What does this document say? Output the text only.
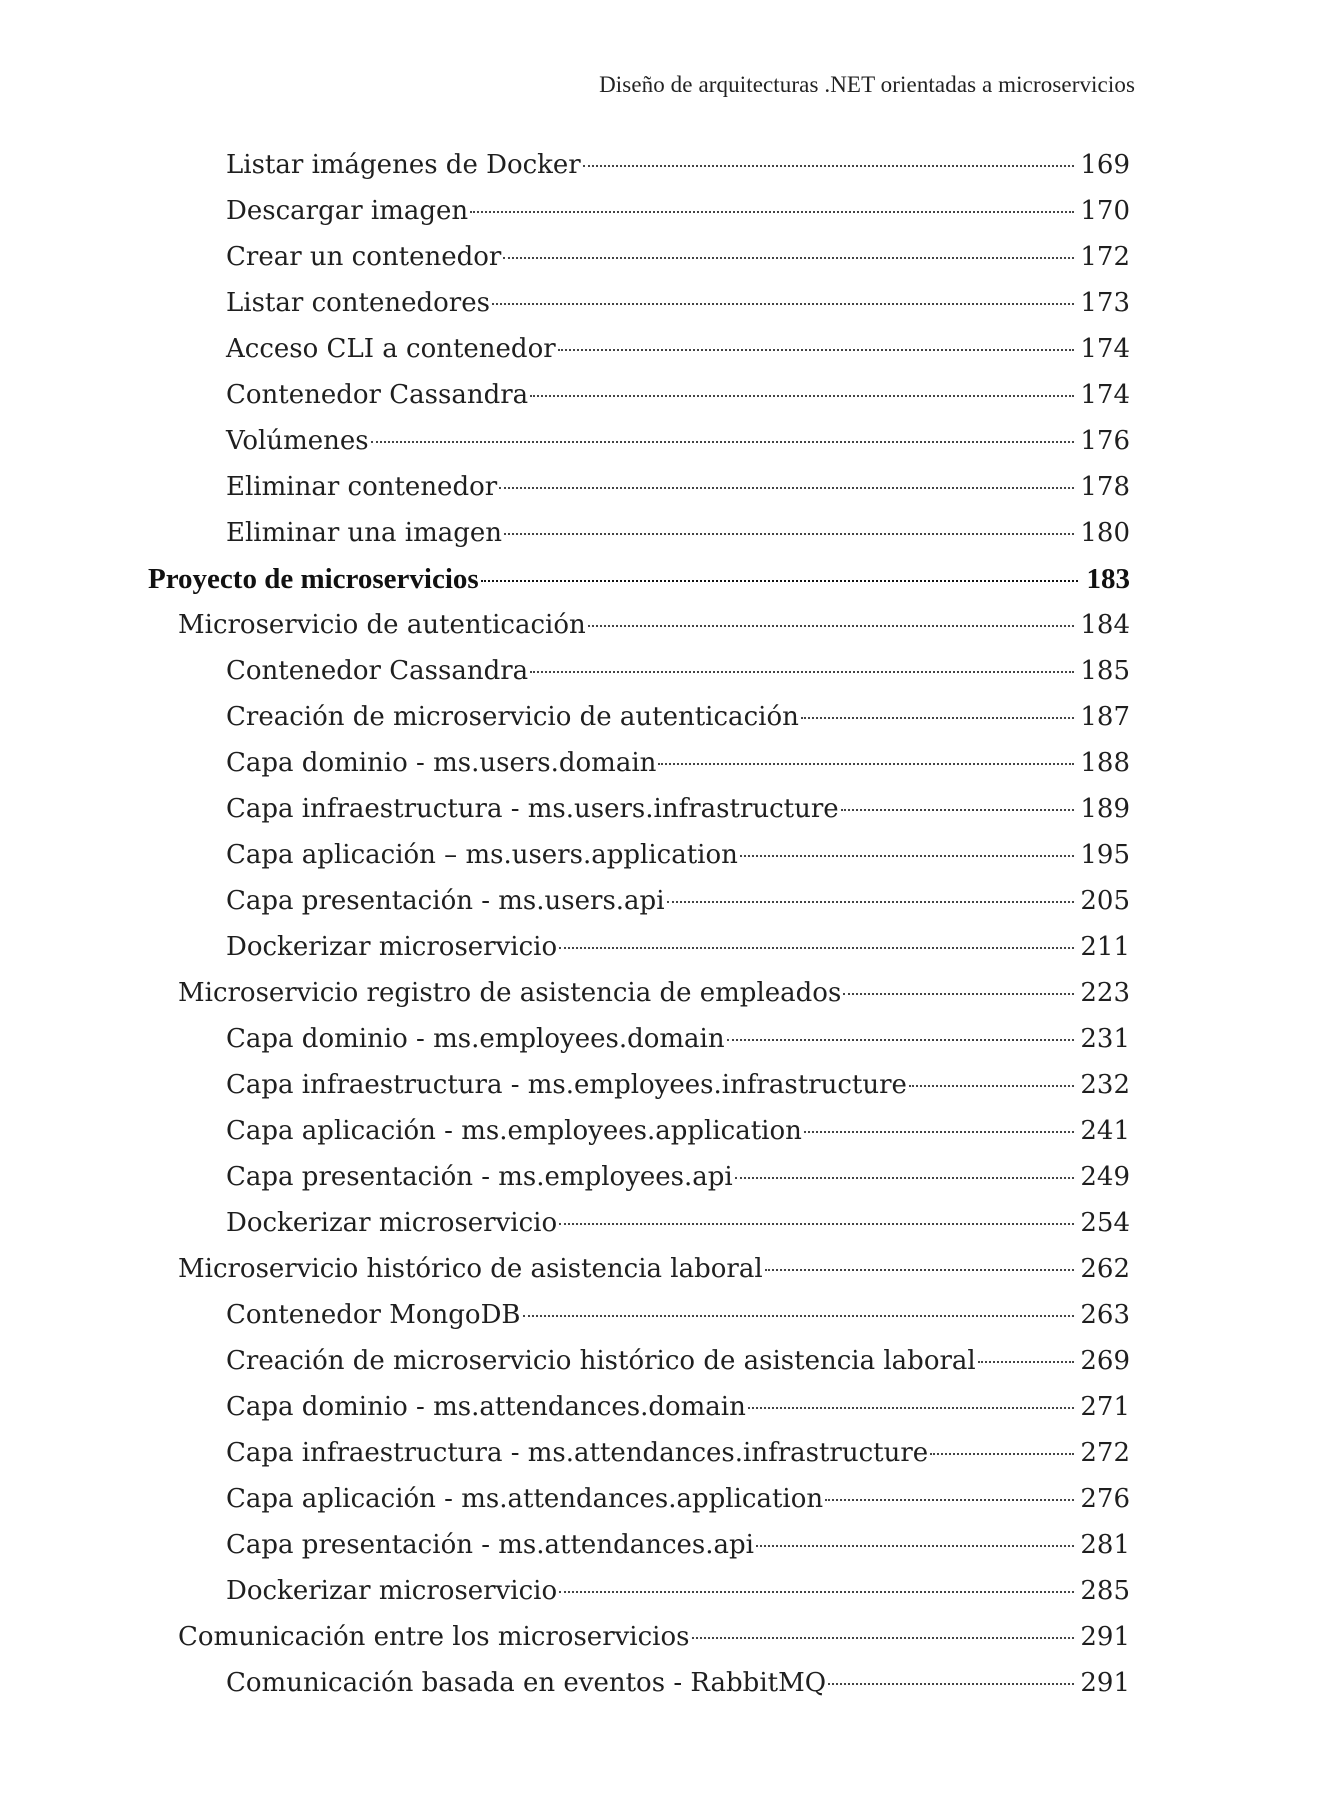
Diseño de arquitecturas .NET orientadas a microservicios
Listar imágenes de Docker	169
Descargar imagen	170
Crear un contenedor	172
Listar contenedores	173
Acceso CLI a contenedor	174
Contenedor Cassandra	174
Volúmenes	176
Eliminar contenedor	178
Eliminar una imagen	180
Proyecto de microservicios	183
Microservicio de autenticación	184
Contenedor Cassandra	185
Creación de microservicio de autenticación	187
Capa dominio - ms.users.domain	188
Capa infraestructura - ms.users.infrastructure	189
Capa aplicación – ms.users.application	195
Capa presentación - ms.users.api	205
Dockerizar microservicio	211
Microservicio registro de asistencia de empleados	223
Capa dominio - ms.employees.domain	231
Capa infraestructura - ms.employees.infrastructure	232
Capa aplicación - ms.employees.application	241
Capa presentación - ms.employees.api	249
Dockerizar microservicio	254
Microservicio histórico de asistencia laboral	262
Contenedor MongoDB	263
Creación de microservicio histórico de asistencia laboral	269
Capa dominio - ms.attendances.domain	271
Capa infraestructura - ms.attendances.infrastructure	272
Capa aplicación - ms.attendances.application	276
Capa presentación - ms.attendances.api	281
Dockerizar microservicio	285
Comunicación entre los microservicios	291
Comunicación basada en eventos - RabbitMQ	291
